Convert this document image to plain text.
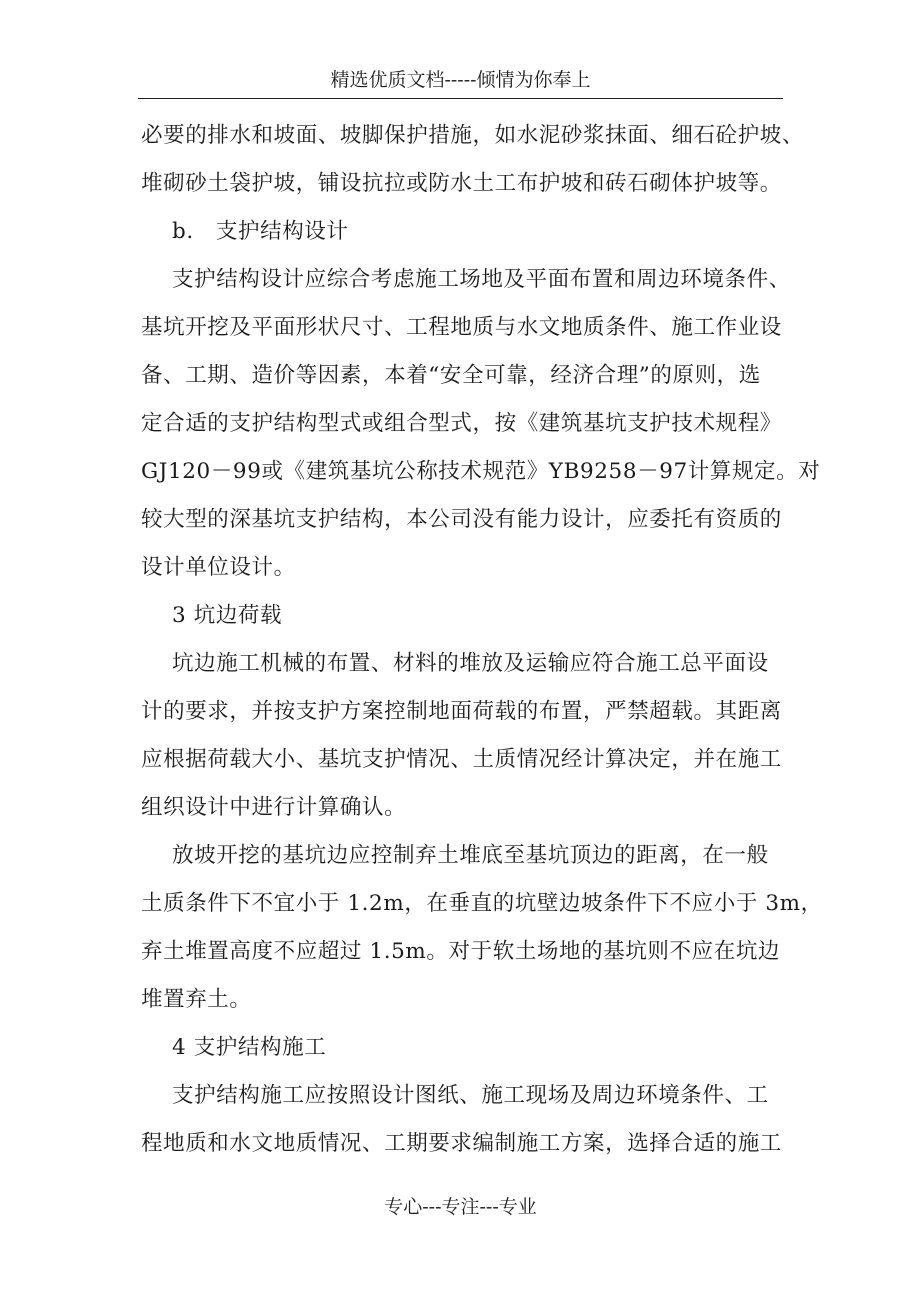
精选优质文档-----倾情为你奉上
必要的排水和坡面、坡脚保护措施，如水泥砂浆抹面、细石砼护坡、
堆砌砂土袋护坡，铺设抗拉或防水土工布护坡和砖石砌体护坡等。
b.　支护结构设计
支护结构设计应综合考虑施工场地及平面布置和周边环境条件、
基坑开挖及平面形状尺寸、工程地质与水文地质条件、施工作业设
备、工期、造价等因素，本着“安全可靠，经济合理”的原则，选
定合适的支护结构型式或组合型式，按《建筑基坑支护技术规程》
GJ120－99或《建筑基坑公称技术规范》YB9258－97计算规定。对
较大型的深基坑支护结构，本公司没有能力设计，应委托有资质的
设计单位设计。
3 坑边荷载
坑边施工机械的布置、材料的堆放及运输应符合施工总平面设
计的要求，并按支护方案控制地面荷载的布置，严禁超载。其距离
应根据荷载大小、基坑支护情况、土质情况经计算决定，并在施工
组织设计中进行计算确认。
放坡开挖的基坑边应控制弃土堆底至基坑顶边的距离，在一般
土质条件下不宜小于 1.2m，在垂直的坑壁边坡条件下不应小于 3m，
弃土堆置高度不应超过 1.5m。对于软土场地的基坑则不应在坑边
堆置弃土。
4 支护结构施工
支护结构施工应按照设计图纸、施工现场及周边环境条件、工
程地质和水文地质情况、工期要求编制施工方案，选择合适的施工
专心---专注---专业
